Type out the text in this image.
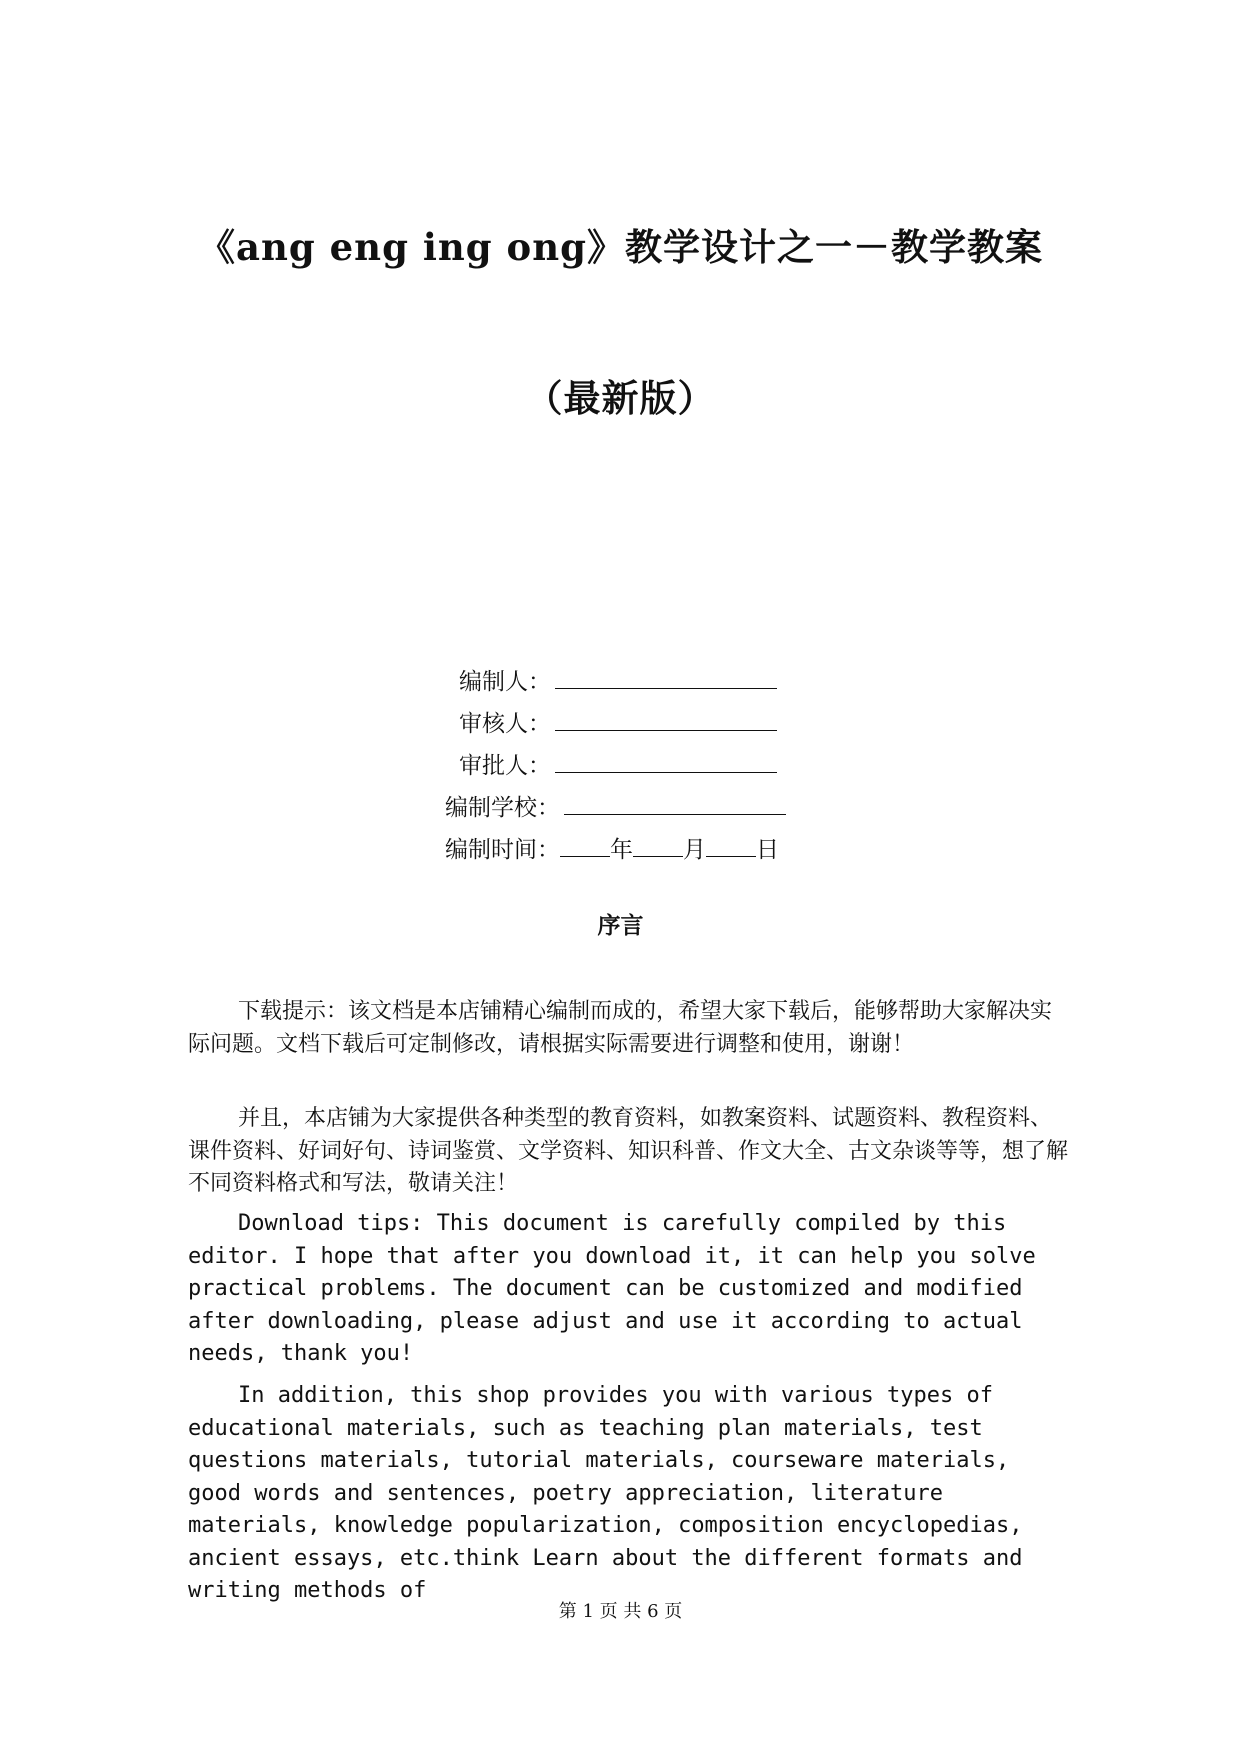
《ang eng ing ong》教学设计之一－教学教案
（最新版）
编制人：
审核人：
审批人：
编制学校：
编制时间： 年 月 日
序言

下载提示：该文档是本店铺精心编制而成的，希望大家下载后，能够帮助大家解决实际问题。文档下载后可定制修改，请根据实际需要进行调整和使用，谢谢！

并且，本店铺为大家提供各种类型的教育资料，如教案资料、试题资料、教程资料、课件资料、好词好句、诗词鉴赏、文学资料、知识科普、作文大全、古文杂谈等等，想了解不同资料格式和写法，敬请关注！

Download tips: This document is carefully compiled by this editor. I hope that after you download it, it can help you solve practical problems. The document can be customized and modified after downloading, please adjust and use it according to actual needs, thank you!

In addition, this shop provides you with various types of educational materials, such as teaching plan materials, test questions materials, tutorial materials, courseware materials, good words and sentences, poetry appreciation, literature materials, knowledge popularization, composition encyclopedias, ancient essays, etc.think Learn about the different formats and writing methods of

第 1 页 共 6 页
